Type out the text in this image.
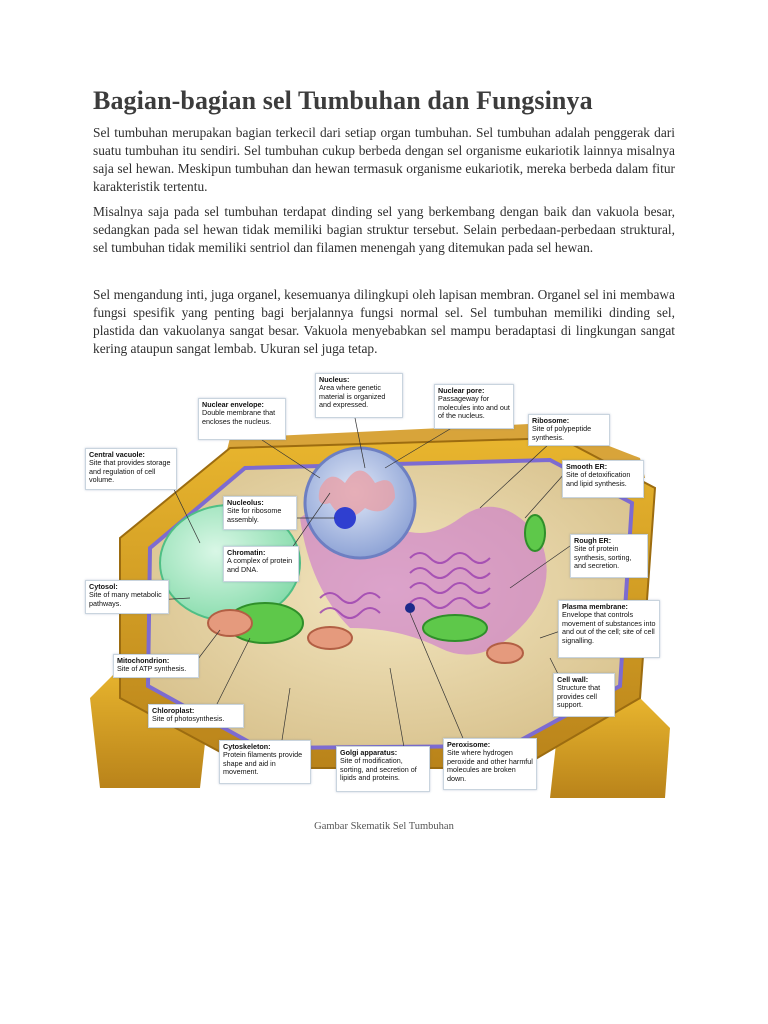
Bagian-bagian sel Tumbuhan dan Fungsinya

Sel tumbuhan merupakan bagian terkecil dari setiap organ tumbuhan. Sel tumbuhan adalah penggerak dari suatu tumbuhan itu sendiri. Sel tumbuhan cukup berbeda dengan sel organisme eukariotik lainnya misalnya saja sel hewan. Meskipun tumbuhan dan hewan termasuk organisme eukariotik, mereka berbeda dalam fitur karakteristik tertentu.

Misalnya saja pada sel tumbuhan terdapat dinding sel yang berkembang dengan baik dan vakuola besar, sedangkan pada sel hewan tidak memiliki bagian struktur tersebut. Selain perbedaan-perbedaan struktural, sel tumbuhan tidak memiliki sentriol dan filamen menengah yang ditemukan pada sel hewan.

Sel mengandung inti, juga organel, kesemuanya dilingkupi oleh lapisan membran. Organel sel ini membawa fungsi spesifik yang penting bagi berjalannya fungsi normal sel. Sel tumbuhan memiliki dinding sel, plastida dan vakuolanya sangat besar. Vakuola menyebabkan sel mampu beradaptasi di lingkungan sangat kering ataupun sangat lembab. Ukuran sel juga tetap.

Nucleus:
Area where genetic material is organized and expressed.
Nuclear pore:
Passageway for molecules into and out of the nucleus.
Nuclear envelope:
Double membrane that encloses the nucleus.	Ribosome:
Site of polypeptide synthesis.
Central vacuole:
Site that provides storage and regulation of cell volume.
Smooth ER:
Site of detoxification and lipid synthesis.
Nucleolus:
Site for ribosome assembly.
Chromatin:
A complex of protein and DNA.
Rough ER:
Site of protein synthesis, sorting, and secretion.
Cytosol:
Site of many metabolic pathways.	Plasma membrane:
Envelope that controls movement of substances into and out of the cell; site of cell signalling.
Mitochondrion:
Site of ATP synthesis.
Cell wall:
Structure that provides cell support.
Chloroplast:
Site of photosynthesis.
Peroxisome:
Site where hydrogen peroxide and other harmful molecules are broken down.
Cytoskeleton:
Protein filaments provide shape and aid in movement.
Golgi apparatus:
Site of modification, sorting, and secretion of lipids and proteins.
Gambar Skematik Sel Tumbuhan
